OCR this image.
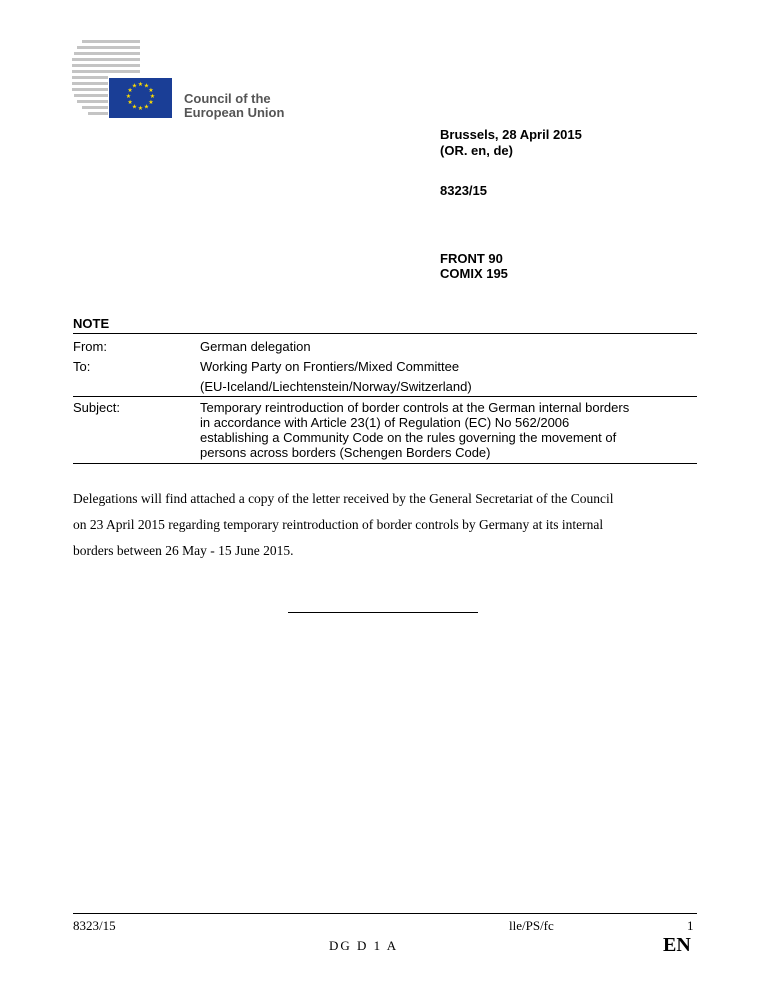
★ ★
★
★
★
★
★
★
★
★
★
★
Council of the
European Union
Brussels, 28 April 2015
(OR. en, de)
8323/15
FRONT 90
COMIX 195
NOTE
From:	German delegation
To:	Working Party on Frontiers/Mixed Committee
(EU-Iceland/Liechtenstein/Norway/Switzerland)
Subject:	Temporary reintroduction of border controls at the German internal borders
in accordance with Article 23(1) of Regulation (EC) No 562/2006
establishing a Community Code on the rules governing the movement of
persons across borders (Schengen Borders Code)
Delegations will find attached a copy of the letter received by the General Secretariat of the Council
on 23 April 2015 regarding temporary reintroduction of border controls by Germany at its internal
borders between 26 May - 15 June 2015.
8323/15	lle/PS/fc	1
DG D 1 A	EN
